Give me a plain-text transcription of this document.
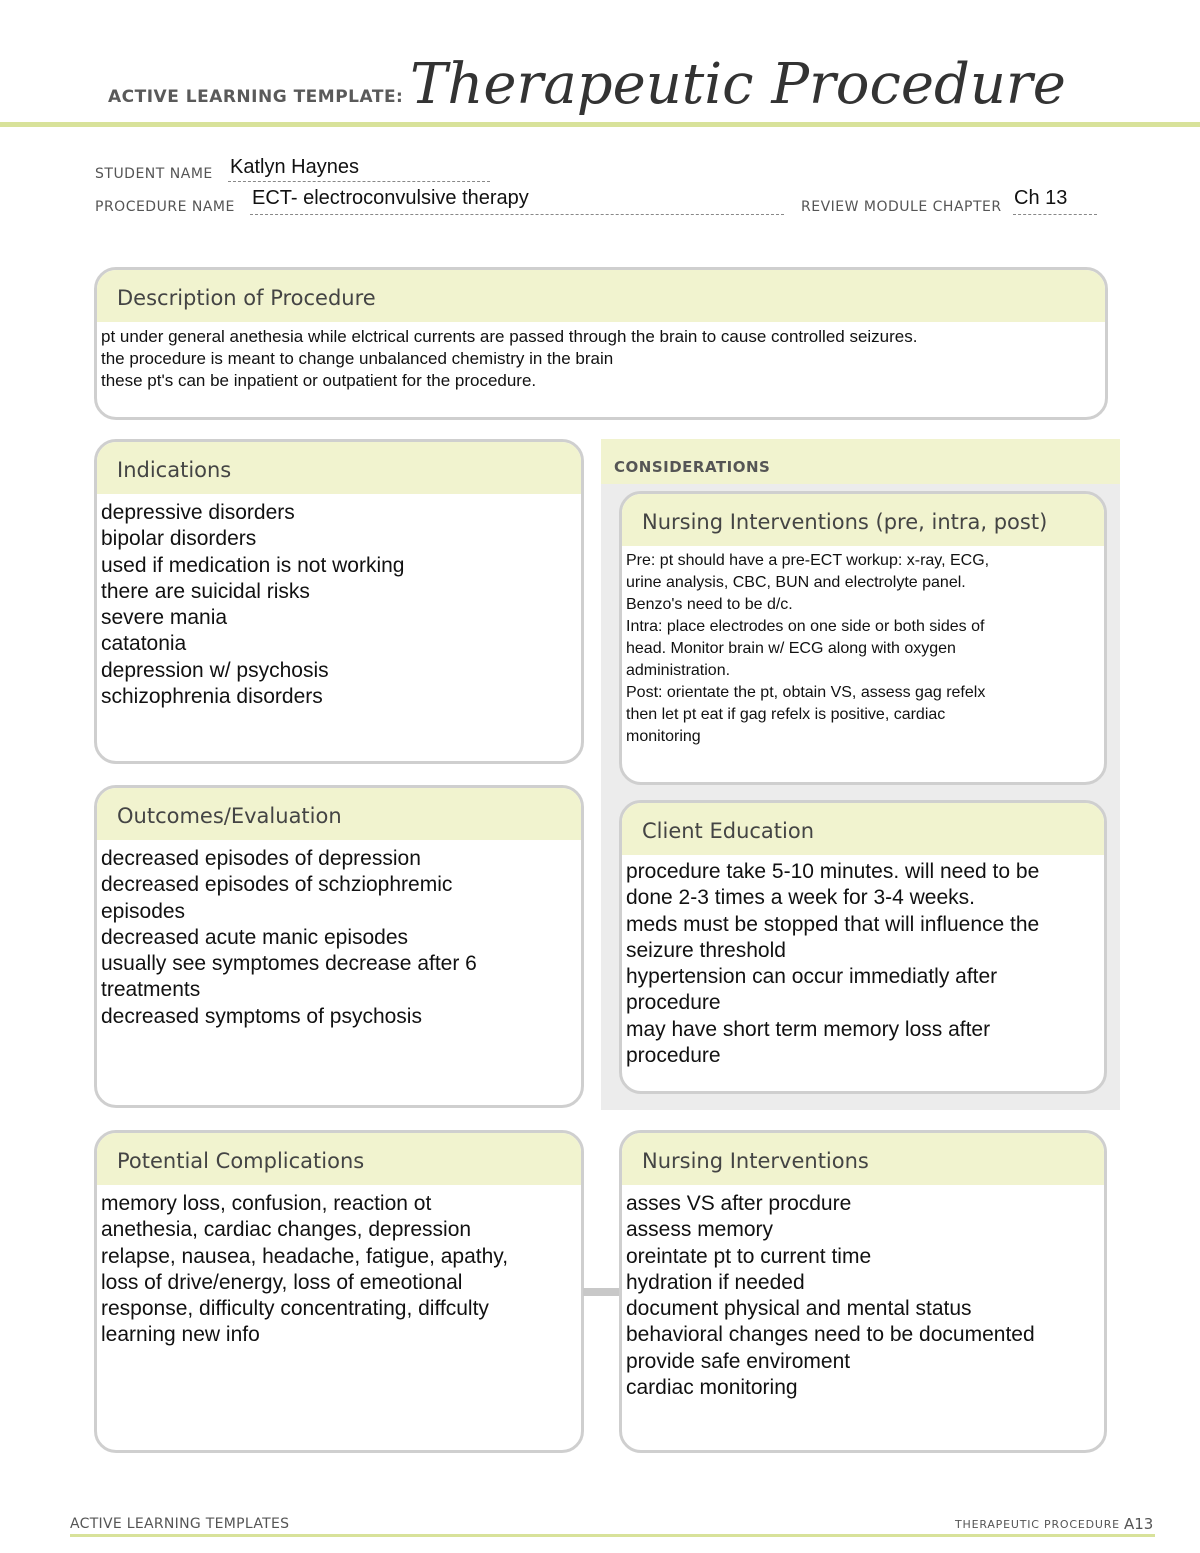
ACTIVE LEARNING TEMPLATE: Therapeutic Procedure
STUDENT NAME Katlyn Haynes
PROCEDURE NAME ECT- electroconvulsive therapy	REVIEW MODULE CHAPTER Ch 13
Description of Procedure
pt under general anethesia while elctrical currents are passed through the brain to cause controlled seizures.
the procedure is meant to change unbalanced chemistry in the brain
these pt's can be inpatient or outpatient for the procedure.
Indications
depressive disorders
bipolar disorders
used if medication is not working
there are suicidal risks
severe mania
catatonia
depression w/ psychosis
schizophrenia disorders
Outcomes/Evaluation
decreased episodes of depression
decreased episodes of schziophremic
episodes
decreased acute manic episodes
usually see symptomes decrease after 6
treatments
decreased symptoms of psychosis
CONSIDERATIONS
Nursing Interventions (pre, intra, post)
Pre: pt should have a pre-ECT workup: x-ray, ECG,
urine analysis, CBC, BUN and electrolyte panel.
Benzo's need to be d/c.
Intra: place electrodes on one side or both sides of
head. Monitor brain w/ ECG along with oxygen
administration.
Post: orientate the pt, obtain VS, assess gag refelx
then let pt eat if gag refelx is positive, cardiac
monitoring
Client Education
procedure take 5-10 minutes. will need to be
done 2-3 times a week for 3-4 weeks.
meds must be stopped that will influence the
seizure threshold
hypertension can occur immediatly after
procedure
may have short term memory loss after
procedure
Potential Complications
memory loss, confusion, reaction ot
anethesia, cardiac changes, depression
relapse, nausea, headache, fatigue, apathy,
loss of drive/energy, loss of emeotional
response, difficulty concentrating, diffculty
learning new info
Nursing Interventions
asses VS after procdure
assess memory
oreintate pt to current time
hydration if needed
document physical and mental status
behavioral changes need to be documented
provide safe enviroment
cardiac monitoring
ACTIVE LEARNING TEMPLATES	THERAPEUTIC PROCEDURE A13
